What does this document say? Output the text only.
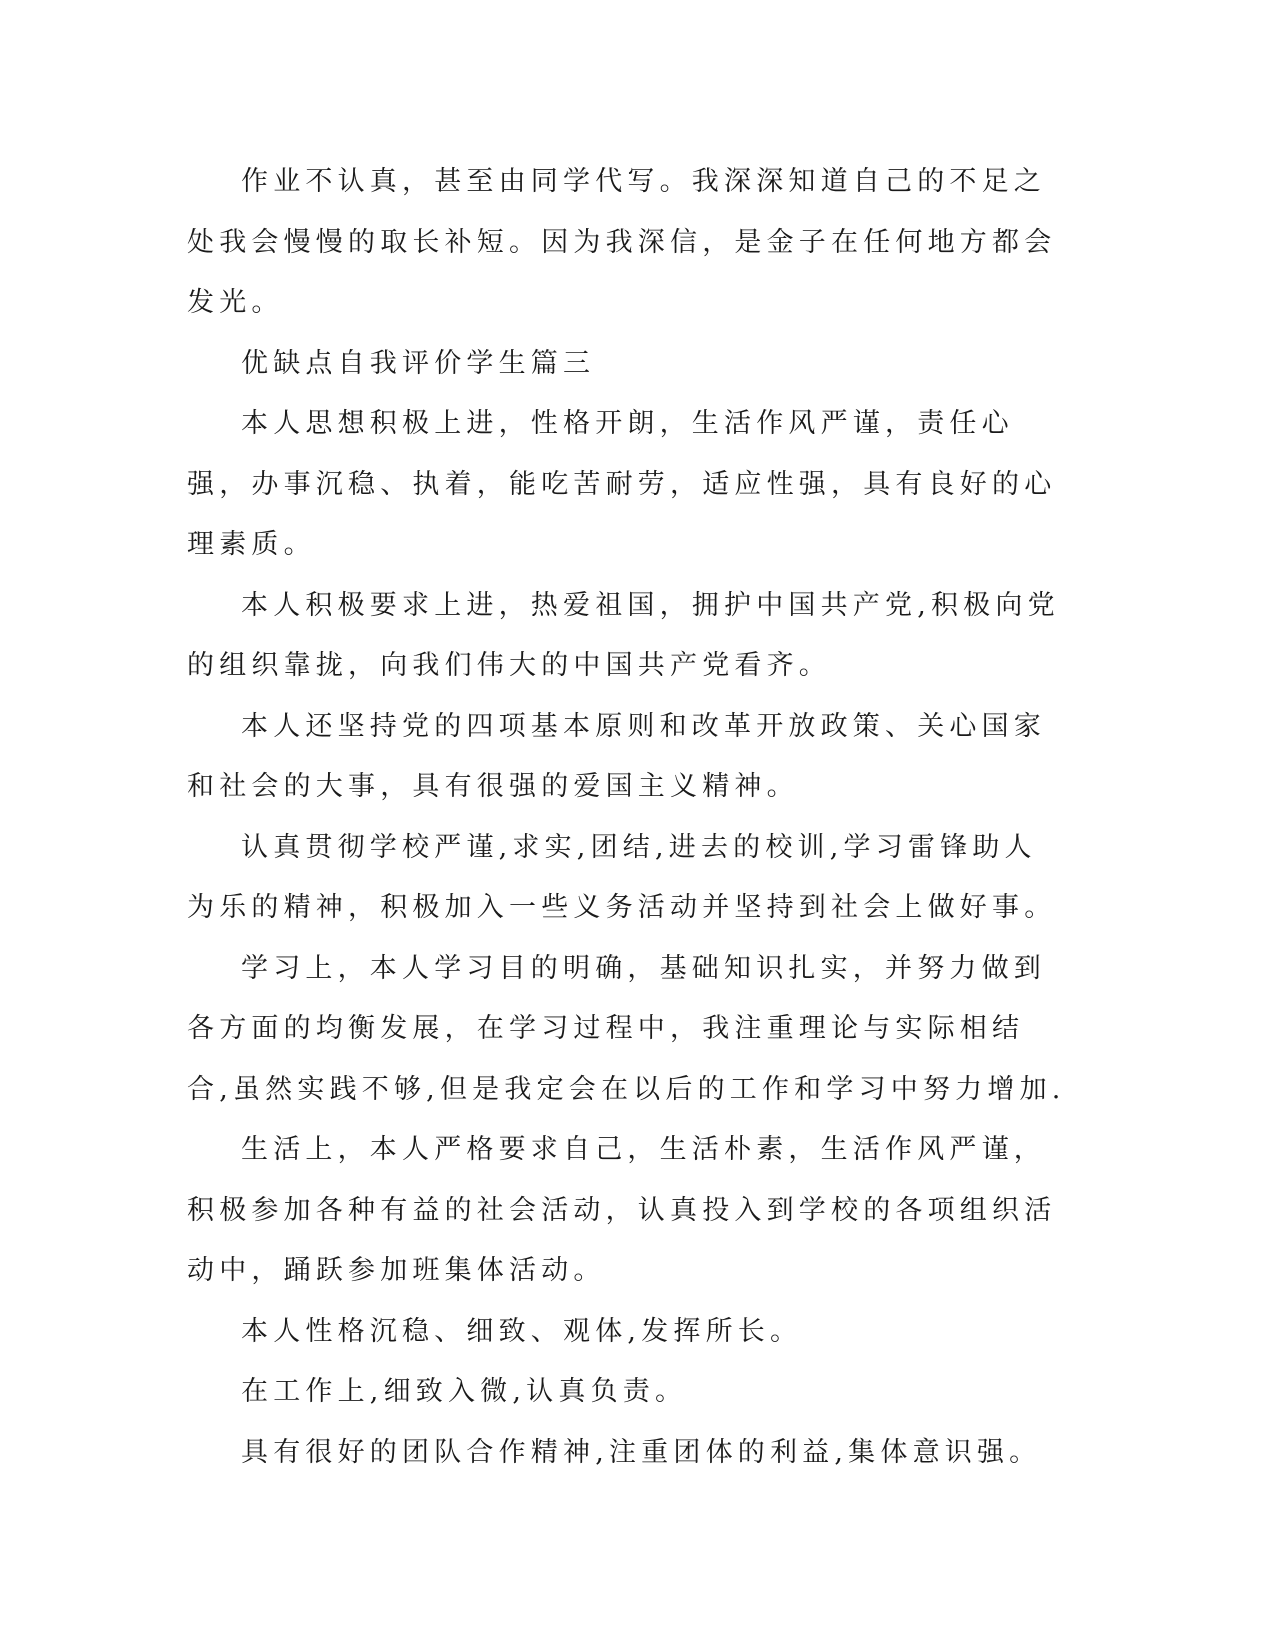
作业不认真，甚至由同学代写。我深深知道自己的不足之处我会慢慢的取长补短。因为我深信，是金子在任何地方都会发光。

优缺点自我评价学生篇三

本人思想积极上进，性格开朗，生活作风严谨，责任心强，办事沉稳、执着，能吃苦耐劳，适应性强，具有良好的心理素质。

本人积极要求上进，热爱祖国，拥护中国共产党,积极向党的组织靠拢，向我们伟大的中国共产党看齐。

本人还坚持党的四项基本原则和改革开放政策、关心国家和社会的大事，具有很强的爱国主义精神。

认真贯彻学校严谨,求实,团结,进去的校训,学习雷锋助人为乐的精神，积极加入一些义务活动并坚持到社会上做好事。

学习上，本人学习目的明确，基础知识扎实，并努力做到各方面的均衡发展，在学习过程中，我注重理论与实际相结合,虽然实践不够,但是我定会在以后的工作和学习中努力增加.

生活上，本人严格要求自己，生活朴素，生活作风严谨，积极参加各种有益的社会活动，认真投入到学校的各项组织活动中，踊跃参加班集体活动。

本人性格沉稳、细致、观体,发挥所长。

在工作上,细致入微,认真负责。

具有很好的团队合作精神,注重团体的利益,集体意识强。
